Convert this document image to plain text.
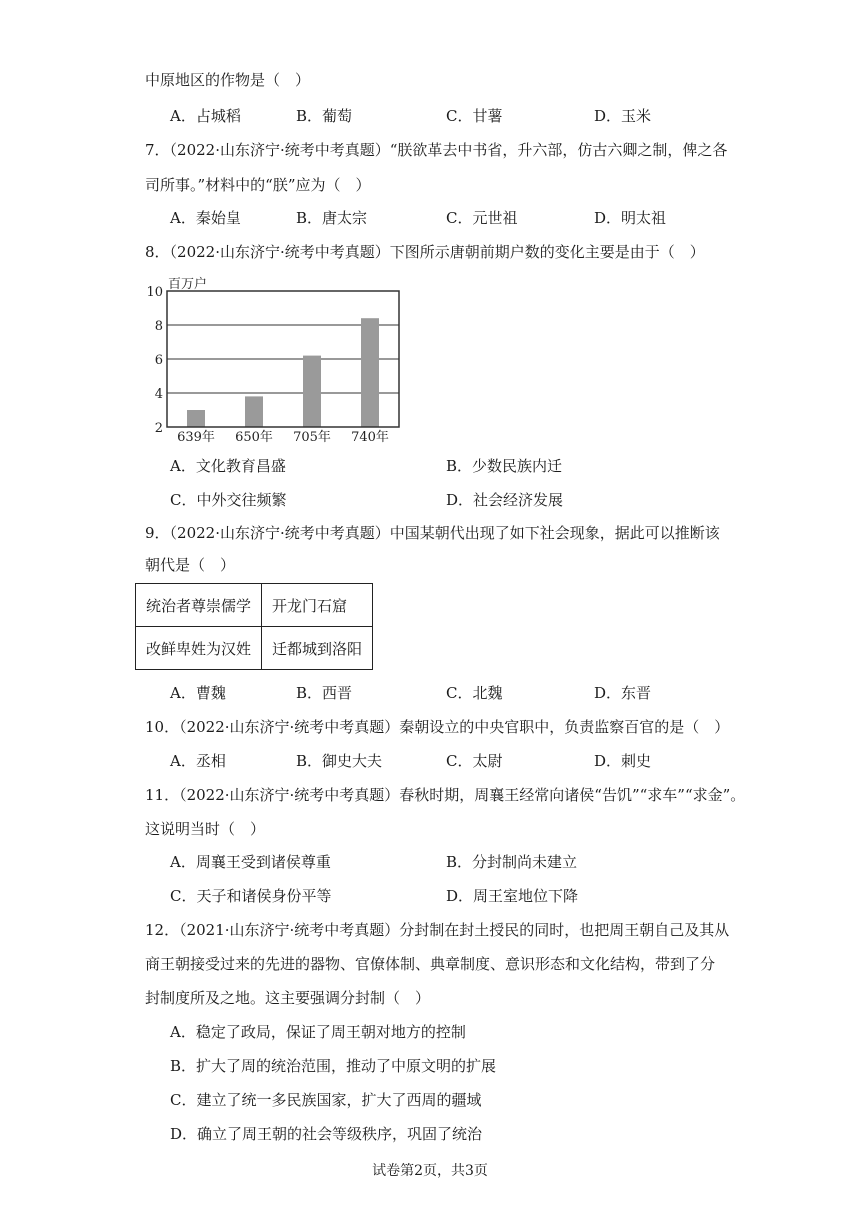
中原地区的作物是（　）
A．占城稻	B．葡萄	C．甘薯	D．玉米
7．（2022·山东济宁·统考中考真题）“朕欲革去中书省，升六部，仿古六卿之制，俾之各
司所事。”材料中的“朕”应为（　）
A．秦始皇	B．唐太宗	C．元世祖	D．明太祖
8．（2022·山东济宁·统考中考真题）下图所示唐朝前期户数的变化主要是由于（　）
百万户
2
4
6
8
10
639年 650年 705年 740年
A．文化教育昌盛	B．少数民族内迁
C．中外交往频繁	D．社会经济发展
9．（2022·山东济宁·统考中考真题）中国某朝代出现了如下社会现象，据此可以推断该
朝代是（　）
统治者尊崇儒学	开龙门石窟
改鲜卑姓为汉姓	迁都城到洛阳
A．曹魏	B．西晋	C．北魏	D．东晋
10．（2022·山东济宁·统考中考真题）秦朝设立的中央官职中，负责监察百官的是（　）
A．丞相	B．御史大夫	C．太尉	D．刺史
11．（2022·山东济宁·统考中考真题）春秋时期，周襄王经常向诸侯“告饥”“求车”“求金”。
这说明当时（　）
A．周襄王受到诸侯尊重	B．分封制尚未建立
C．天子和诸侯身份平等	D．周王室地位下降
12．（2021·山东济宁·统考中考真题）分封制在封土授民的同时，也把周王朝自己及其从
商王朝接受过来的先进的器物、官僚体制、典章制度、意识形态和文化结构，带到了分
封制度所及之地。这主要强调分封制（　）
A．稳定了政局，保证了周王朝对地方的控制
B．扩大了周的统治范围，推动了中原文明的扩展
C．建立了统一多民族国家，扩大了西周的疆域
D．确立了周王朝的社会等级秩序，巩固了统治
试卷第2页，共3页
